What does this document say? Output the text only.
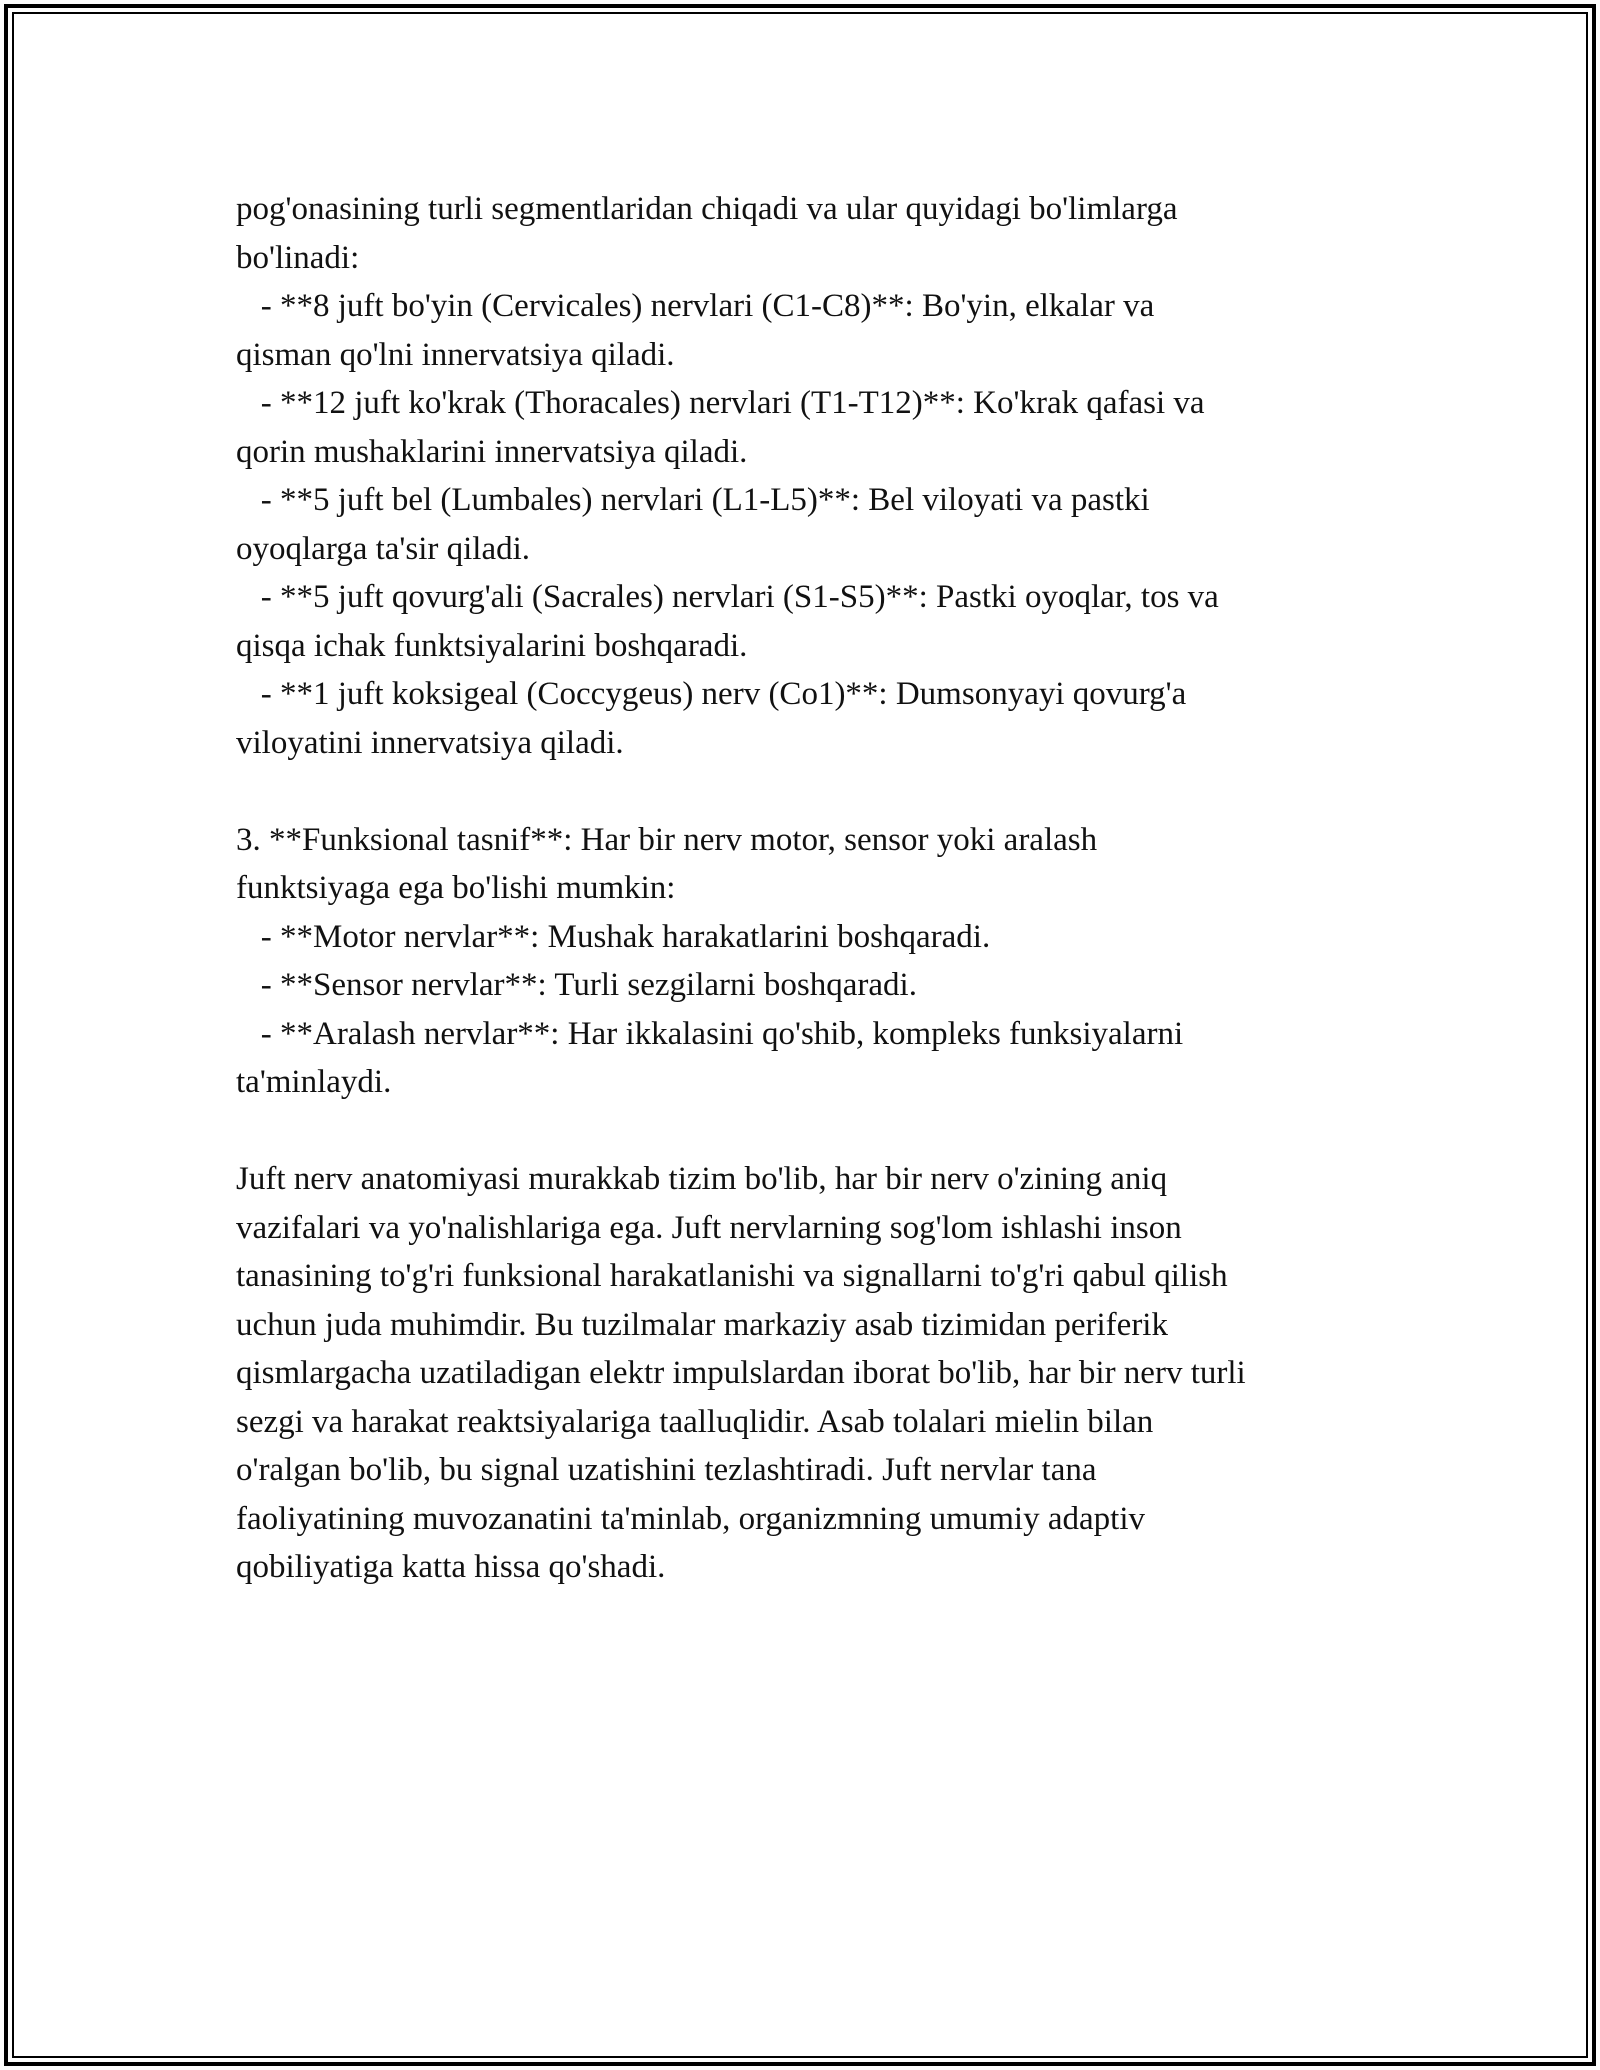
pog'onasining turli segmentlaridan chiqadi va ular quyidagi bo'limlarga
bo'linadi:
- **8 juft bo'yin (Cervicales) nervlari (C1-C8)**: Bo'yin, elkalar va
qisman qo'lni innervatsiya qiladi.
- **12 juft ko'krak (Thoracales) nervlari (T1-T12)**: Ko'krak qafasi va
qorin mushaklarini innervatsiya qiladi.
- **5 juft bel (Lumbales) nervlari (L1-L5)**: Bel viloyati va pastki
oyoqlarga ta'sir qiladi.
- **5 juft qovurg'ali (Sacrales) nervlari (S1-S5)**: Pastki oyoqlar, tos va
qisqa ichak funktsiyalarini boshqaradi.
- **1 juft koksigeal (Coccygeus) nerv (Co1)**: Dumsonyayi qovurg'a
viloyatini innervatsiya qiladi.
3. **Funksional tasnif**: Har bir nerv motor, sensor yoki aralash
funktsiyaga ega bo'lishi mumkin:
- **Motor nervlar**: Mushak harakatlarini boshqaradi.
- **Sensor nervlar**: Turli sezgilarni boshqaradi.
- **Aralash nervlar**: Har ikkalasini qo'shib, kompleks funksiyalarni
ta'minlaydi.
Juft nerv anatomiyasi murakkab tizim bo'lib, har bir nerv o'zining aniq
vazifalari va yo'nalishlariga ega. Juft nervlarning sog'lom ishlashi inson
tanasining to'g'ri funksional harakatlanishi va signallarni to'g'ri qabul qilish
uchun juda muhimdir. Bu tuzilmalar markaziy asab tizimidan periferik
qismlargacha uzatiladigan elektr impulslardan iborat bo'lib, har bir nerv turli
sezgi va harakat reaktsiyalariga taalluqlidir. Asab tolalari mielin bilan
o'ralgan bo'lib, bu signal uzatishini tezlashtiradi. Juft nervlar tana
faoliyatining muvozanatini ta'minlab, organizmning umumiy adaptiv
qobiliyatiga katta hissa qo'shadi.
